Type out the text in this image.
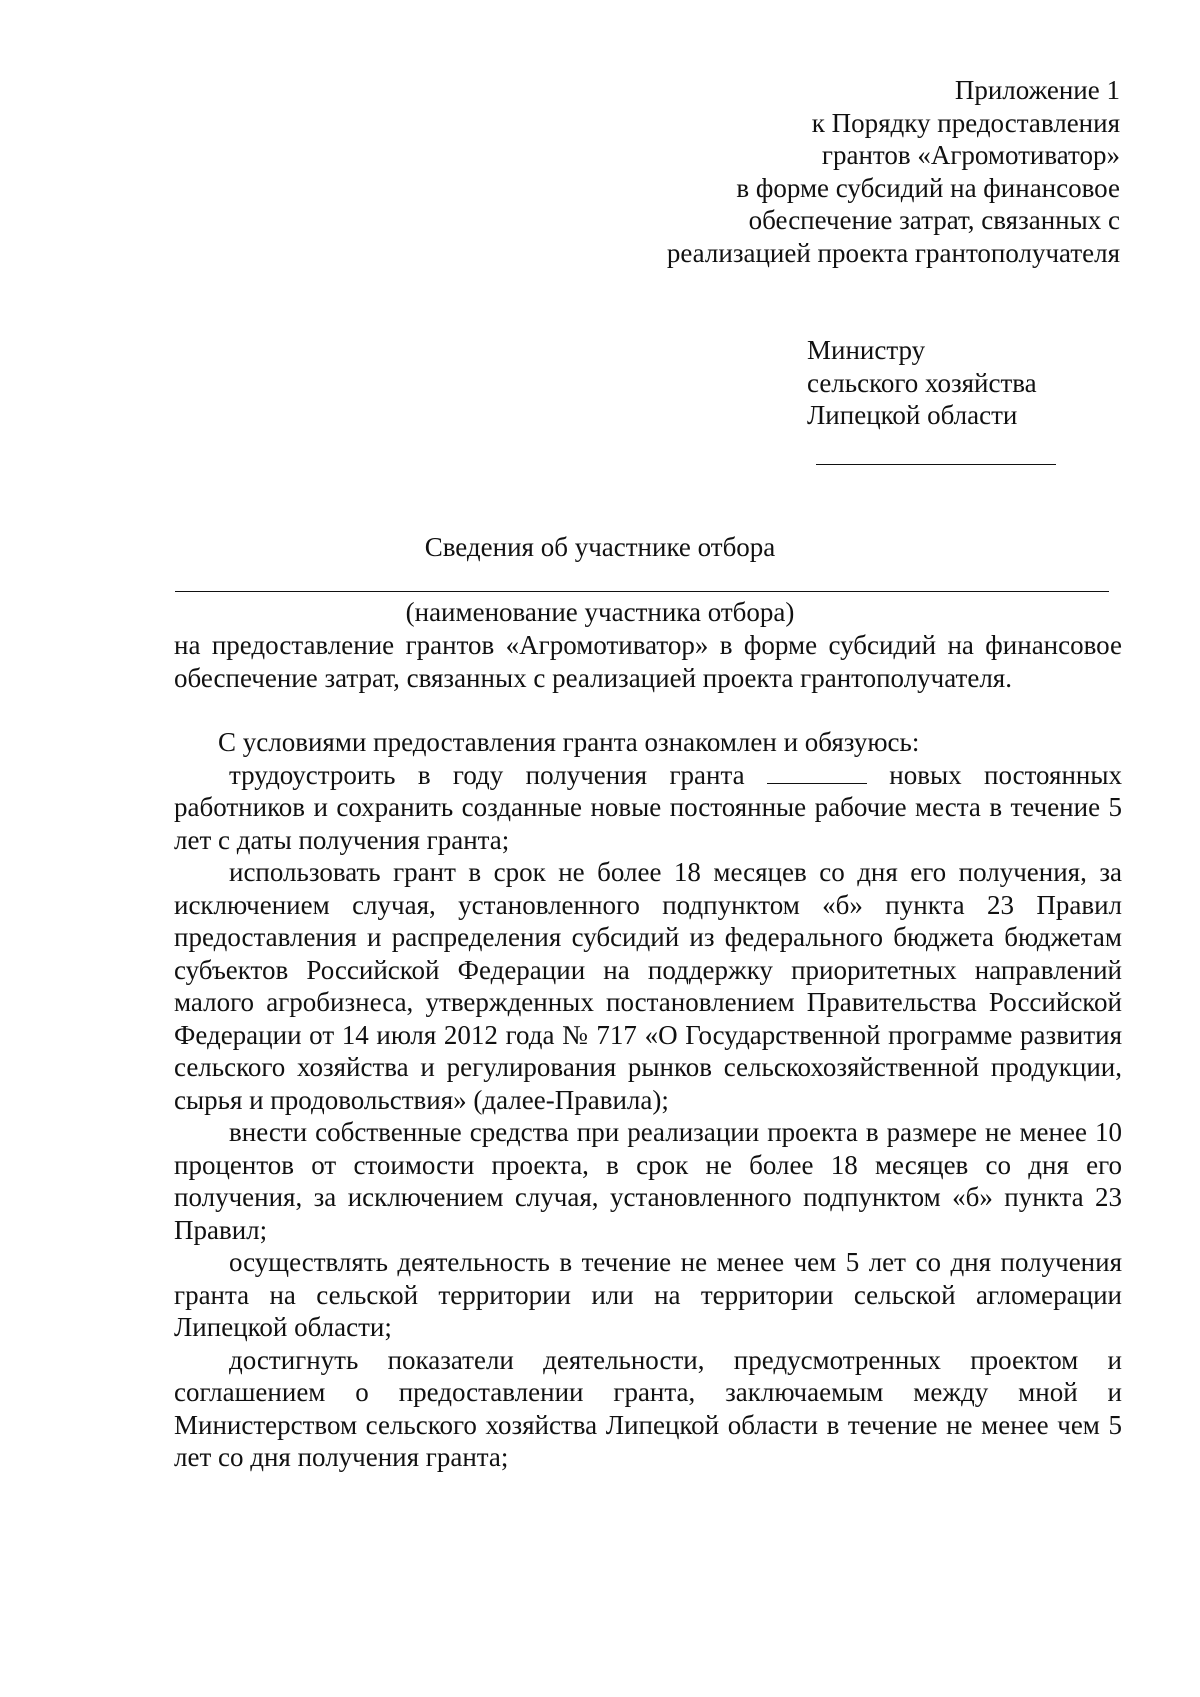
Приложение 1
к Порядку предоставления
грантов «Агромотиватор»
в форме субсидий на финансовое
обеспечение затрат, связанных с
реализацией проекта грантополучателя
Министру
сельского хозяйства
Липецкой области
Сведения об участнике отбора
(наименование участника отбора)

на предоставление грантов «Агромотиватор» в форме субсидий на финансовое обеспечение затрат, связанных с реализацией проекта грантополучателя.

С условиями предоставления гранта ознакомлен и обязуюсь:

трудоустроить в году получения гранта	новых постоянных работников и сохранить созданные новые постоянные рабочие места в течение 5 лет с даты получения гранта;

использовать грант в срок не более 18 месяцев со дня его получения, за исключением случая, установленного подпунктом «б» пункта 23 Правил предоставления и распределения субсидий из федерального бюджета бюджетам субъектов Российской Федерации на поддержку приоритетных направлений малого агробизнеса, утвержденных постановлением Правительства Российской Федерации от 14 июля 2012 года № 717 «О Государственной программе развития сельского хозяйства и регулирования рынков сельскохозяйственной продукции, сырья и продовольствия» (далее-Правила);

внести собственные средства при реализации проекта в размере не менее 10 процентов от стоимости проекта, в срок не более 18 месяцев со дня его получения, за исключением случая, установленного подпунктом «б» пункта 23 Правил;

осуществлять деятельность в течение не менее чем 5 лет со дня получения гранта на сельской территории или на территории сельской агломерации Липецкой области;

достигнуть показатели деятельности, предусмотренных проектом и соглашением о предоставлении гранта, заключаемым между мной и Министерством сельского хозяйства Липецкой области в течение не менее чем 5 лет со дня получения гранта;
